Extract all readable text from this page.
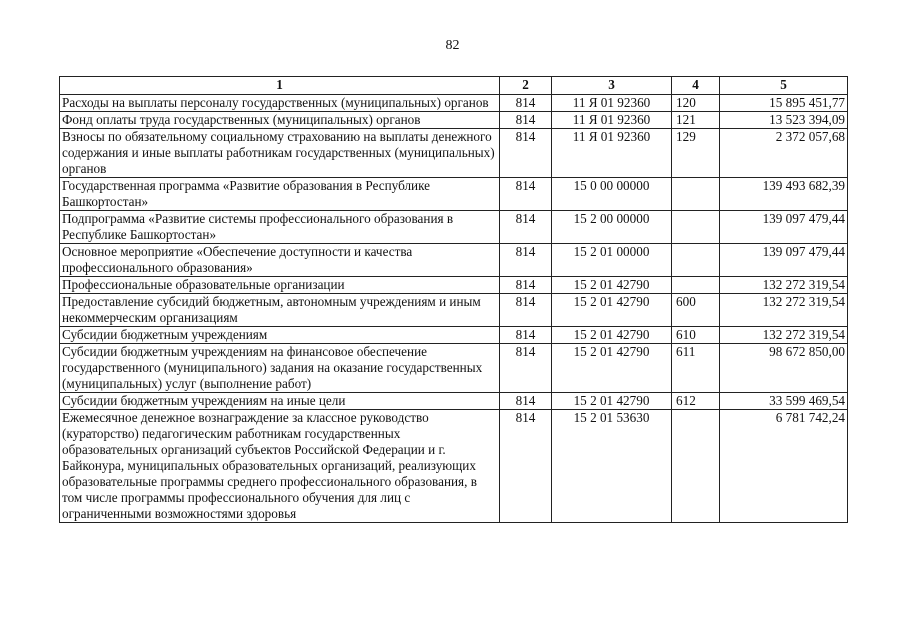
82
1	2	3	4	5
Расходы на выплаты персоналу государственных (муниципальных) органов	814	11 Я 01 92360	120	15 895 451,77
Фонд оплаты труда государственных (муниципальных) органов	814	11 Я 01 92360	121	13 523 394,09
Взносы по обязательному социальному страхованию на выплаты денежного содержания и иные выплаты работникам государственных (муниципальных) органов	814	11 Я 01 92360	129	2 372 057,68
Государственная программа «Развитие образования в Республике Башкортостан»	814	15 0 00 00000		139 493 682,39
Подпрограмма «Развитие системы профессионального образования в Республике Башкортостан»	814	15 2 00 00000		139 097 479,44
Основное мероприятие «Обеспечение доступности и качества профессионального образования»	814	15 2 01 00000		139 097 479,44
Профессиональные образовательные организации	814	15 2 01 42790		132 272 319,54
Предоставление субсидий бюджетным, автономным учреждениям и иным некоммерческим организациям	814	15 2 01 42790	600	132 272 319,54
Субсидии бюджетным учреждениям	814	15 2 01 42790	610	132 272 319,54
Субсидии бюджетным учреждениям на финансовое обеспечение государственного (муниципального) задания на оказание государственных (муниципальных) услуг (выполнение работ)	814	15 2 01 42790	611	98 672 850,00
Субсидии бюджетным учреждениям на иные цели	814	15 2 01 42790	612	33 599 469,54
Ежемесячное денежное вознаграждение за классное руководство (кураторство) педагогическим работникам государственных образовательных организаций субъектов Российской Федерации и г. Байконура, муниципальных образовательных организаций, реализующих образовательные программы среднего профессионального образования, в том числе программы профессионального обучения для лиц с ограниченными возможностями здоровья	814	15 2 01 53630		6 781 742,24
